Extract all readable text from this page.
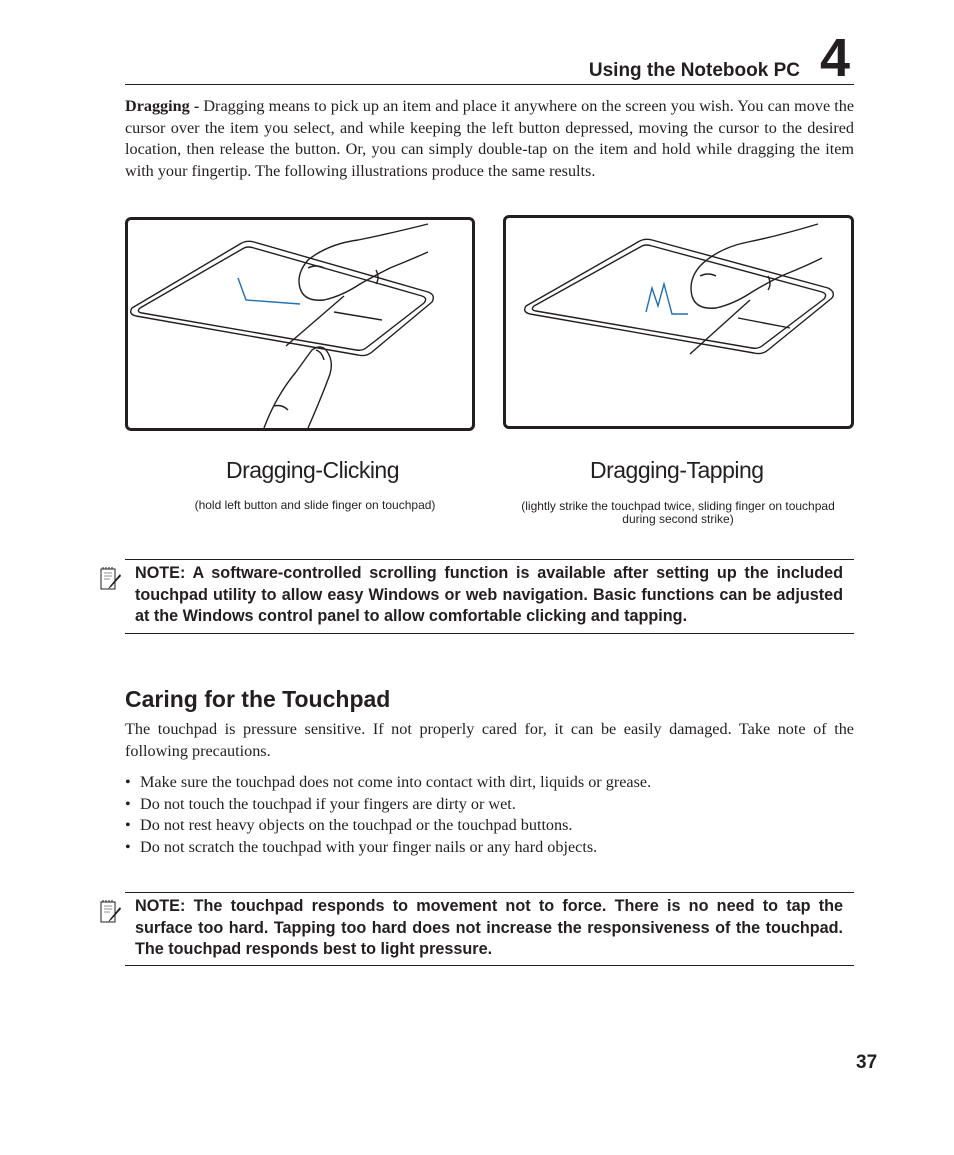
Using the Notebook PC 4

Dragging - Dragging means to pick up an item and place it anywhere on the screen you wish. You can move the cursor over the item you select, and while keeping the left button depressed, moving the cursor to the desired location, then release the button. Or, you can simply double-tap on the item and hold while dragging the item with your fingertip. The following illustrations produce the same results.

Dragging-Clicking
(hold left button and slide finger on touchpad)
Dragging-Tapping
(lightly strike the touchpad twice, sliding finger on touchpad during second strike)

NOTE: A software-controlled scrolling function is available after setting up the included touchpad utility to allow easy Windows or web navigation. Basic functions can be adjusted at the Windows control panel to allow comfortable clicking and tapping.

Caring for the Touchpad

The touchpad is pressure sensitive. If not properly cared for, it can be easily damaged. Take note of the following precautions.

• Make sure the touchpad does not come into contact with dirt, liquids or grease.
• Do not touch the touchpad if your fingers are dirty or wet.
• Do not rest heavy objects on the touchpad or the touchpad buttons.
• Do not scratch the touchpad with your finger nails or any hard objects.

NOTE: The touchpad responds to movement not to force. There is no need to tap the surface too hard. Tapping too hard does not increase the responsiveness of the touchpad. The touchpad responds best to light pressure.

37
